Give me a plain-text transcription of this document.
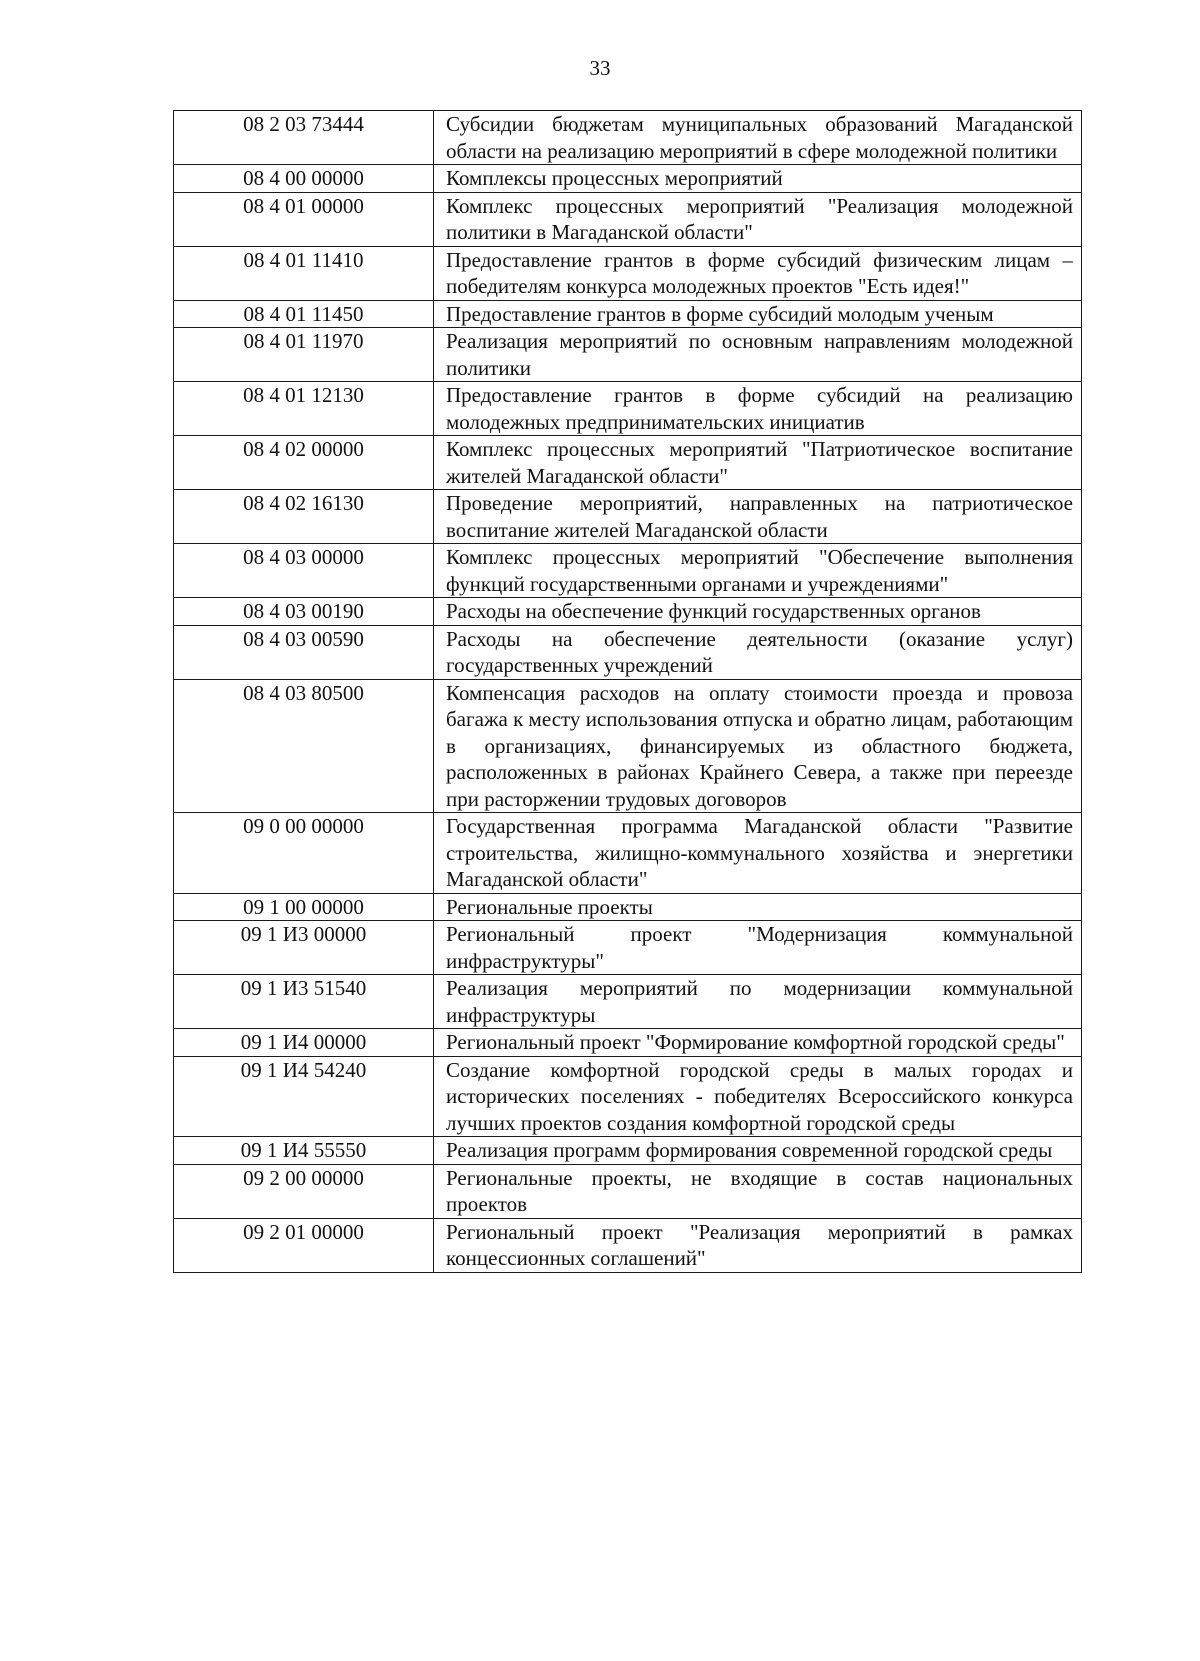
33
08 2 03 73444	Субсидии бюджетам муниципальных образований Магаданской области на реализацию мероприятий в сфере молодежной политики
08 4 00 00000	Комплексы процессных мероприятий
08 4 01 00000	Комплекс процессных мероприятий "Реализация молодежной политики в Магаданской области"
08 4 01 11410	Предоставление грантов в форме субсидий физическим лицам – победителям конкурса молодежных проектов "Есть идея!"
08 4 01 11450	Предоставление грантов в форме субсидий молодым ученым
08 4 01 11970	Реализация мероприятий по основным направлениям молодежной политики
08 4 01 12130	Предоставление грантов в форме субсидий на реализацию молодежных предпринимательских инициатив
08 4 02 00000	Комплекс процессных мероприятий "Патриотическое воспитание жителей Магаданской области"
08 4 02 16130	Проведение мероприятий, направленных на патриотическое воспитание жителей Магаданской области
08 4 03 00000	Комплекс процессных мероприятий "Обеспечение выполнения функций государственными органами и учреждениями"
08 4 03 00190	Расходы на обеспечение функций государственных органов
08 4 03 00590	Расходы на обеспечение деятельности (оказание услуг) государственных учреждений
08 4 03 80500	Компенсация расходов на оплату стоимости проезда и провоза багажа к месту использования отпуска и обратно лицам, работающим в организациях, финансируемых из областного бюджета, расположенных в районах Крайнего Севера, а также при переезде при расторжении трудовых договоров
09 0 00 00000	Государственная программа Магаданской области "Развитие строительства, жилищно-коммунального хозяйства и энергетики Магаданской области"
09 1 00 00000	Региональные проекты
09 1 И3 00000	Региональный проект "Модернизация коммунальной инфраструктуры"
09 1 И3 51540	Реализация мероприятий по модернизации коммунальной инфраструктуры
09 1 И4 00000	Региональный проект "Формирование комфортной городской среды"
09 1 И4 54240	Создание комфортной городской среды в малых городах и исторических поселениях - победителях Всероссийского конкурса лучших проектов создания комфортной городской среды
09 1 И4 55550	Реализация программ формирования современной городской среды
09 2 00 00000	Региональные проекты, не входящие в состав национальных проектов
09 2 01 00000	Региональный проект "Реализация мероприятий в рамках концессионных соглашений"
